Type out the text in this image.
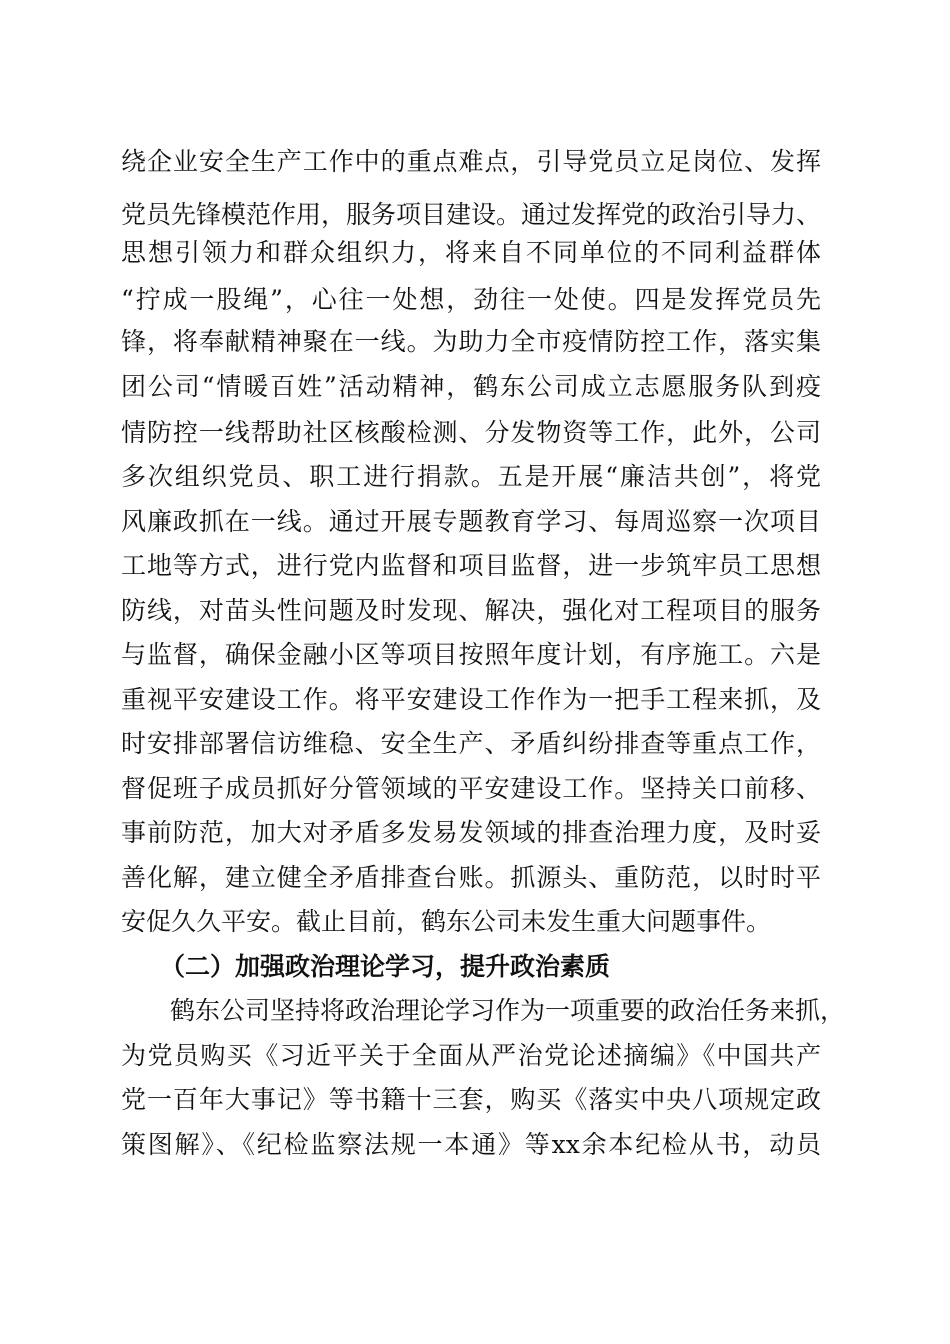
绕企业安全生产工作中的重点难点，引导党员立足岗位、发挥
党员先锋模范作用，服务项目建设。通过发挥党的政治引导力、
思想引领力和群众组织力，将来自不同单位的不同利益群体
“拧成一股绳”，心往一处想，劲往一处使。四是发挥党员先
锋，将奉献精神聚在一线。为助力全市疫情防控工作，落实集
团公司“情暖百姓”活动精神，鹤东公司成立志愿服务队到疫
情防控一线帮助社区核酸检测、分发物资等工作，此外，公司
多次组织党员、职工进行捐款。五是开展“廉洁共创”，将党
风廉政抓在一线。通过开展专题教育学习、每周巡察一次项目
工地等方式，进行党内监督和项目监督，进一步筑牢员工思想
防线，对苗头性问题及时发现、解决，强化对工程项目的服务
与监督，确保金融小区等项目按照年度计划，有序施工。六是
重视平安建设工作。将平安建设工作作为一把手工程来抓，及
时安排部署信访维稳、安全生产、矛盾纠纷排查等重点工作，
督促班子成员抓好分管领域的平安建设工作。坚持关口前移、
事前防范，加大对矛盾多发易发领域的排查治理力度，及时妥
善化解，建立健全矛盾排查台账。抓源头、重防范，以时时平
安促久久平安。截止目前，鹤东公司未发生重大问题事件。
（二）加强政治理论学习，提升政治素质
鹤东公司坚持将政治理论学习作为一项重要的政治任务来抓，
为党员购买《习近平关于全面从严治党论述摘编》《中国共产
党一百年大事记》等书籍十三套，购买《落实中央八项规定政
策图解》、《纪检监察法规一本通》等xx余本纪检从书，动员
